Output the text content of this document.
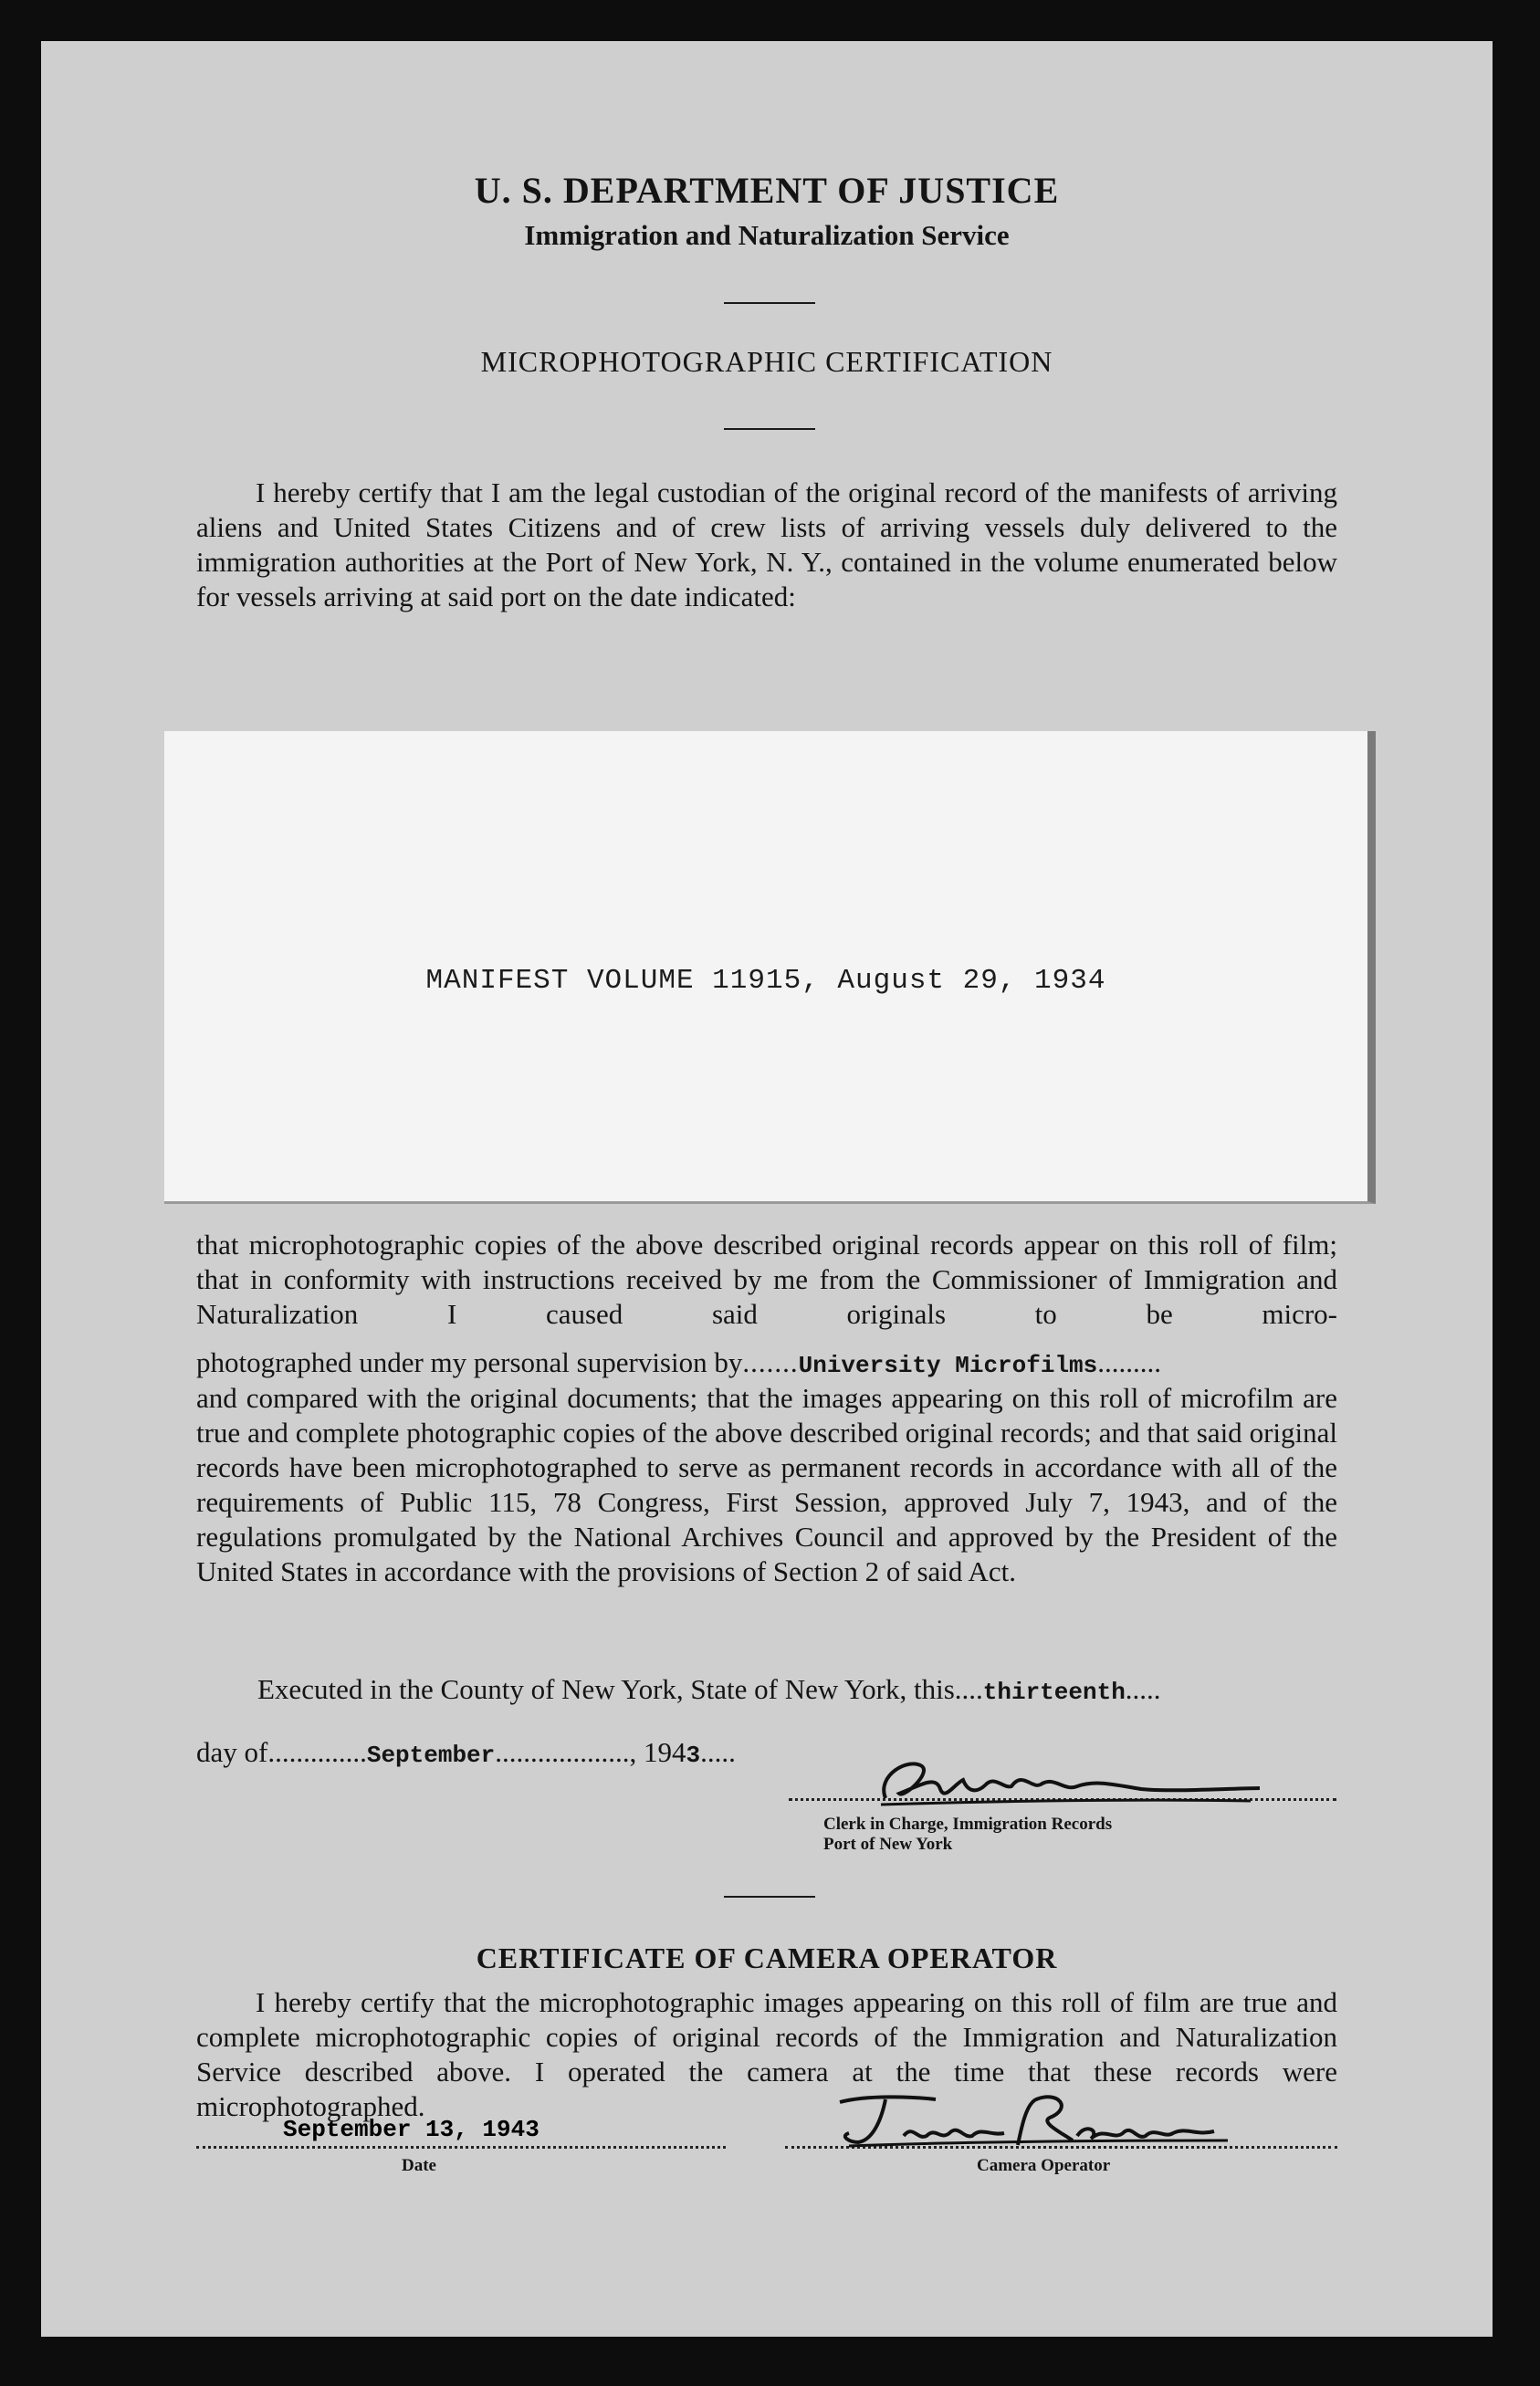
U. S. DEPARTMENT OF JUSTICE
Immigration and Naturalization Service
MICROPHOTOGRAPHIC CERTIFICATION

I hereby certify that I am the legal custodian of the original record of the manifests of arriving aliens and United States Citizens and of crew lists of arriving vessels duly delivered to the immigration authorities at the Port of New York, N. Y., contained in the volume enumerated below for vessels arriving at said port on the date indicated:

MANIFEST VOLUME 11915, August 29, 1934

that microphotographic copies of the above described original records appear on this roll of film; that in conformity with instructions received by me from the Commissioner of Immigration and Naturalization I caused said originals to be micro-

photographed under my personal supervision by.......University Microfilms.........

and compared with the original documents; that the images appearing on this roll of microfilm are true and complete photographic copies of the above described original records; and that said original records have been microphotographed to serve as permanent records in accordance with all of the requirements of Public 115, 78 Congress, First Session, approved July 7, 1943, and of the regulations promulgated by the National Archives Council and approved by the President of the United States in accordance with the provisions of Section 2 of said Act.

Executed in the County of New York, State of New York, this....thirteenth.....
day of..............September..................., 1943.....
Clerk in Charge, Immigration Records
Port of New York
CERTIFICATE OF CAMERA OPERATOR

I hereby certify that the microphotographic images appearing on this roll of film are true and complete microphotographic copies of original records of the Immigration and Naturalization Service described above. I operated the camera at the time that these records were microphotographed.

September 13, 1943
Date	Camera Operator
